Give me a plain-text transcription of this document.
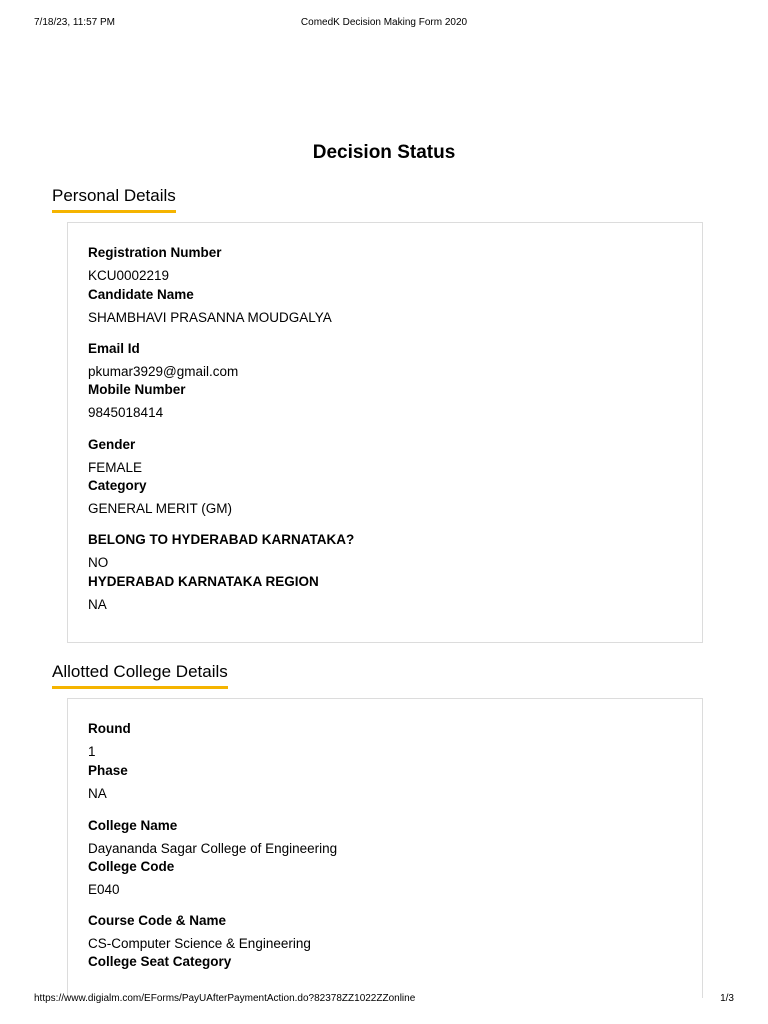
7/18/23, 11:57 PM	ComedK Decision Making Form 2020
Decision Status
Personal Details
Registration Number
KCU0002219
Candidate Name
SHAMBHAVI PRASANNA MOUDGALYA
Email Id
pkumar3929@gmail.com
Mobile Number
9845018414
Gender
FEMALE
Category
GENERAL MERIT (GM)
BELONG TO HYDERABAD KARNATAKA?
NO
HYDERABAD KARNATAKA REGION
NA
Allotted College Details
Round
1
Phase
NA
College Name
Dayananda Sagar College of Engineering
College Code
E040
Course Code & Name
CS-Computer Science & Engineering
College Seat Category
https://www.digialm.com/EForms/PayUAfterPaymentAction.do?82378ZZ1022ZZonline	1/3
